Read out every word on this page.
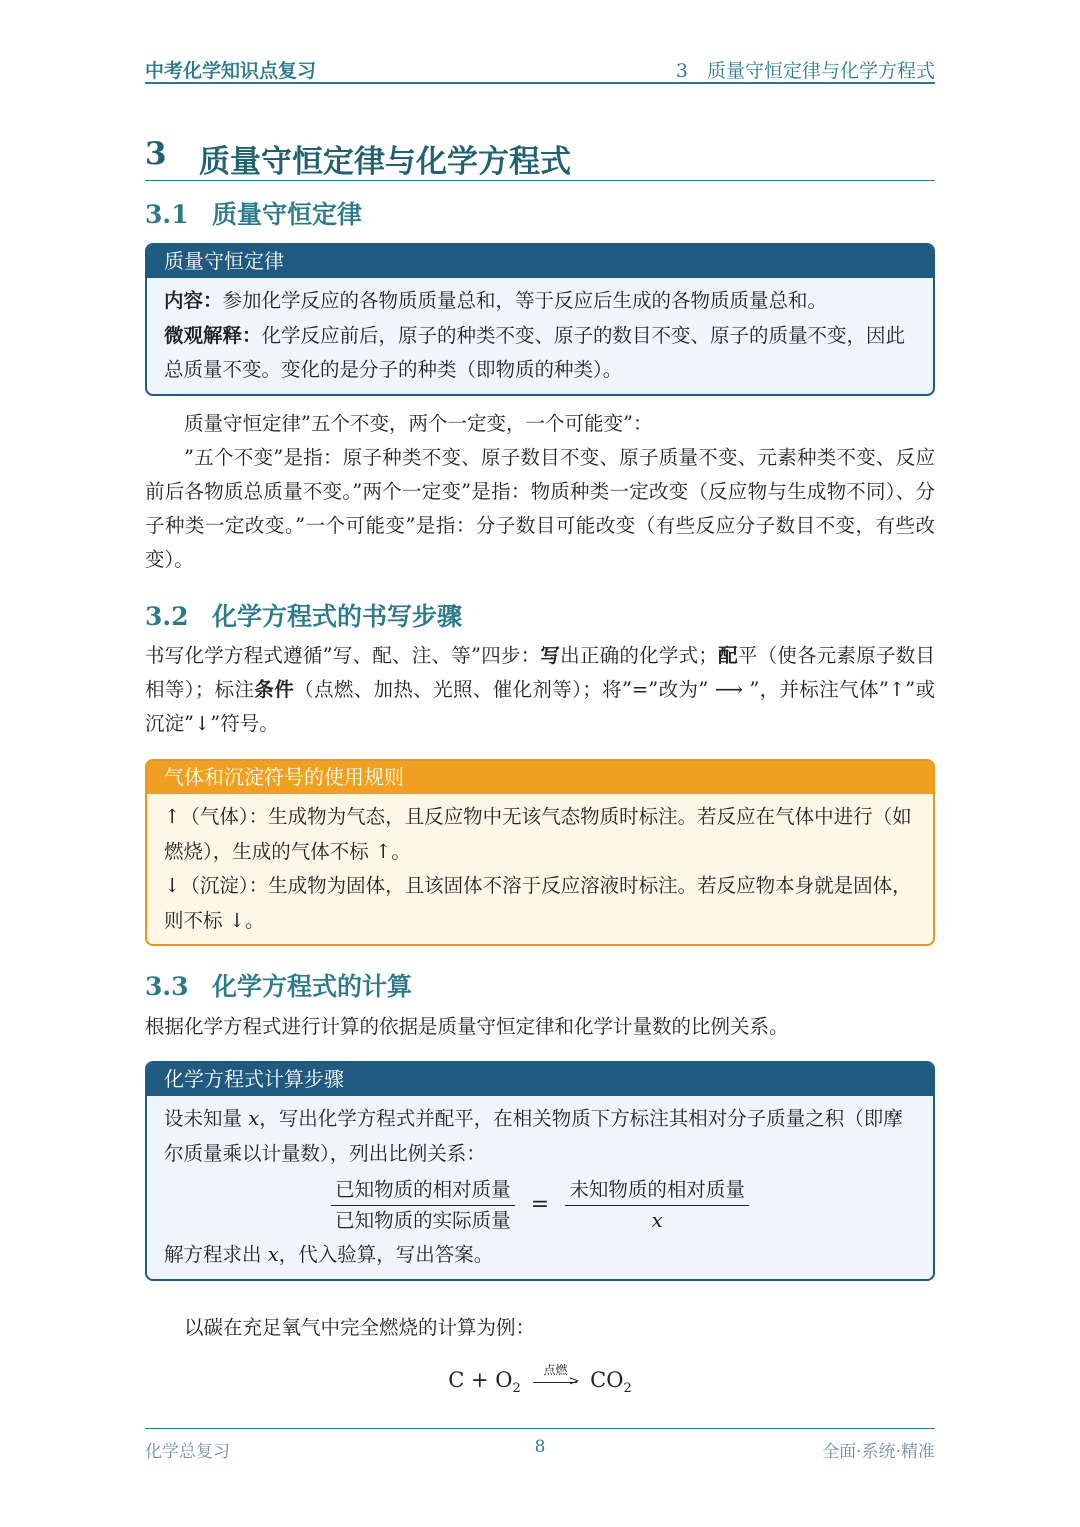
中考化学知识点复习	3　质量守恒定律与化学方程式
3 质量守恒定律与化学方程式
3.1 质量守恒定律
质量守恒定律
内容：参加化学反应的各物质质量总和，等于反应后生成的各物质质量总和。
微观解释：化学反应前后，原子的种类不变、原子的数目不变、原子的质量不变，因此总质量不变。变化的是分子的种类（即物质的种类）。
质量守恒定律”五个不变，两个一定变，一个可能变”：
”五个不变”是指：原子种类不变、原子数目不变、原子质量不变、元素种类不变、反应前后各物质总质量不变。”两个一定变”是指：物质种类一定改变（反应物与生成物不同）、分子种类一定改变。”一个可能变”是指：分子数目可能改变（有些反应分子数目不变，有些改变）。
3.2 化学方程式的书写步骤
书写化学方程式遵循”写、配、注、等”四步：写出正确的化学式；配平（使各元素原子数目相等）；标注条件（点燃、加热、光照、催化剂等）；将”=”改为” ⟶ ”，并标注气体”↑”或沉淀”↓”符号。
气体和沉淀符号的使用规则
↑（气体）：生成物为气态，且反应物中无该气态物质时标注。若反应在气体中进行（如燃烧），生成的气体不标 ↑。
↓（沉淀）：生成物为固体，且该固体不溶于反应溶液时标注。若反应物本身就是固体，则不标 ↓。
3.3 化学方程式的计算
根据化学方程式进行计算的依据是质量守恒定律和化学计量数的比例关系。
化学方程式计算步骤
设未知量 x，写出化学方程式并配平，在相关物质下方标注其相对分子质量之积（即摩尔质量乘以计量数），列出比例关系：
$\frac{\text{已知物质的相对质量}}{\text{已知物质的实际质量}} = \frac{\text{未知物质的相对质量}}{x}$
解方程求出 x，代入验算，写出答案。
以碳在充足氧气中完全燃烧的计算为例：
$C + O_2$
点燃
> $CO_2$
化学总复习	8	全面·系统·精准
